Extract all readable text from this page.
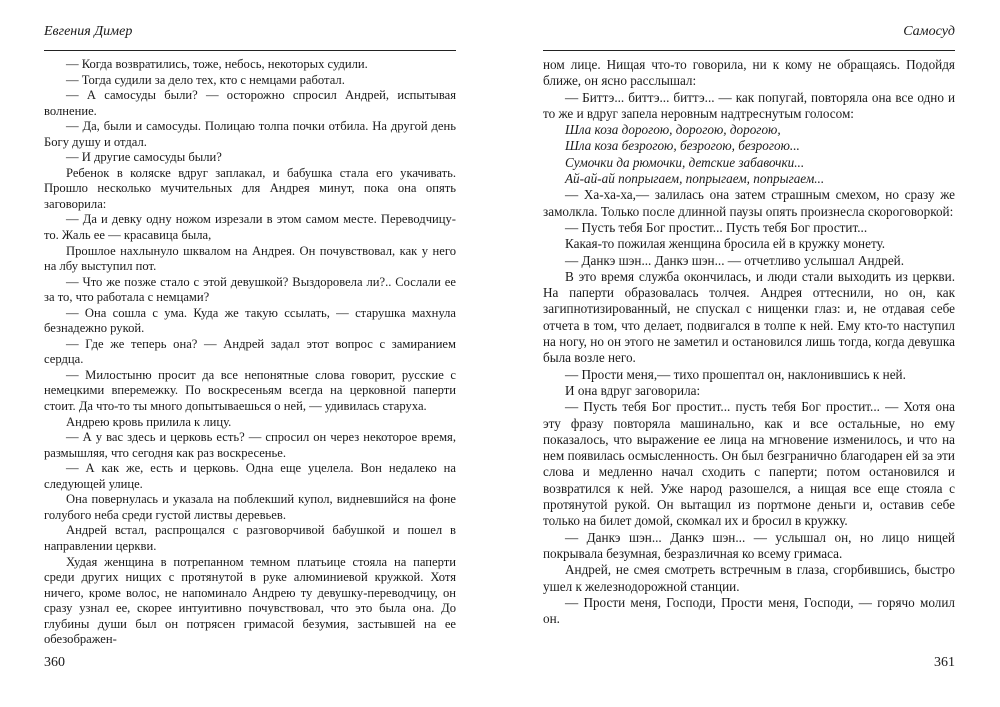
Евгения Димер

— Когда возвратились, тоже, небось, некоторых судили.

— Тогда судили за дело тех, кто с немцами работал.

— А самосуды были? — осторожно спросил Андрей, испытывая волнение.

— Да, были и самосуды. Полицаю толпа почки отбила. На другой день Богу душу и отдал.

— И другие самосуды были?

Ребенок в коляске вдруг заплакал, и бабушка стала его укачивать. Прошло несколько мучительных для Андрея минут, пока она опять заговорила:

— Да и девку одну ножом изрезали в этом самом месте. Переводчицу-то. Жаль ее — красавица была,

Прошлое нахлынуло шквалом на Андрея. Он почувствовал, как у него на лбу выступил пот.

— Что же позже стало с этой девушкой? Выздоровела ли?.. Сослали ее за то, что работала с немцами?

— Она сошла с ума. Куда же такую ссылать, — старушка махнула безнадежно рукой.

— Где же теперь она? — Андрей задал этот вопрос с замиранием сердца.

— Милостыню просит да все непонятные слова говорит, русские с немецкими вперемежку. По воскресеньям всегда на церковной паперти стоит. Да что-то ты много допытываешься о ней, — удивилась старуха.

Андрею кровь прилила к лицу.

— А у вас здесь и церковь есть? — спросил он через некоторое время, размышляя, что сегодня как раз воскресенье.

— А как же, есть и церковь. Одна еще уцелела. Вон недалеко на следующей улице.

Она повернулась и указала на поблекший купол, видневшийся на фоне голубого неба среди густой листвы деревьев.

Андрей встал, распрощался с разговорчивой бабушкой и пошел в направлении церкви.

Худая женщина в потрепанном темном платьице стояла на паперти среди других нищих с протянутой в руке алюминиевой кружкой. Хотя ничего, кроме волос, не напоминало Андрею ту девушку-переводчицу, он сразу узнал ее, скорее интуитивно почувствовал, что это была она. До глубины души был он потрясен гримасой безумия, застывшей на ее обезображен-

360
Самосуд

ном лице. Нищая что-то говорила, ни к кому не обращаясь. Подойдя ближе, он ясно расслышал:

— Биттэ... биттэ... биттэ... — как попугай, повторяла она все одно и то же и вдруг запела неровным надтреснутым голосом:

Шла коза дорогою, дорогою, дорогою,

Шла коза безрогою, безрогою, безрогою...

Сумочки да рюмочки, детские забавочки...

Ай-ай-ай попрыгаем, попрыгаем, попрыгаем...

— Ха-ха-ха,— залилась она затем страшным смехом, но сразу же замолкла. Только после длинной паузы опять произнесла скороговоркой:

— Пусть тебя Бог простит... Пусть тебя Бог простит...

Какая-то пожилая женщина бросила ей в кружку монету.

— Данкэ шэн... Данкэ шэн... — отчетливо услышал Андрей.

В это время служба окончилась, и люди стали выходить из церкви. На паперти образовалась толчея. Андрея оттеснили, но он, как загипнотизированный, не спускал с нищенки глаз: и, не отдавая себе отчета в том, что делает, подвигался в толпе к ней. Ему кто-то наступил на ногу, но он этого не заметил и остановился лишь тогда, когда девушка была возле него.

— Прости меня,— тихо прошептал он, наклонившись к ней.

И она вдруг заговорила:

— Пусть тебя Бог простит... пусть тебя Бог простит... — Хотя она эту фразу повторяла машинально, как и все остальные, но ему показалось, что выражение ее лица на мгновение изменилось, и что на нем появилась осмысленность. Он был безгранично благодарен ей за эти слова и медленно начал сходить с паперти; потом остановился и возвратился к ней. Уже народ разошелся, а нищая все еще стояла с протянутой рукой. Он вытащил из портмоне деньги и, оставив себе только на билет домой, скомкал их и бросил в кружку.

— Данкэ шэн... Данкэ шэн... — услышал он, но лицо нищей покрывала безумная, безразличная ко всему гримаса.

Андрей, не смея смотреть встречным в глаза, сгорбившись, быстро ушел к железнодорожной станции.

— Прости меня, Господи, Прости меня, Господи, — горячо молил он.

361
